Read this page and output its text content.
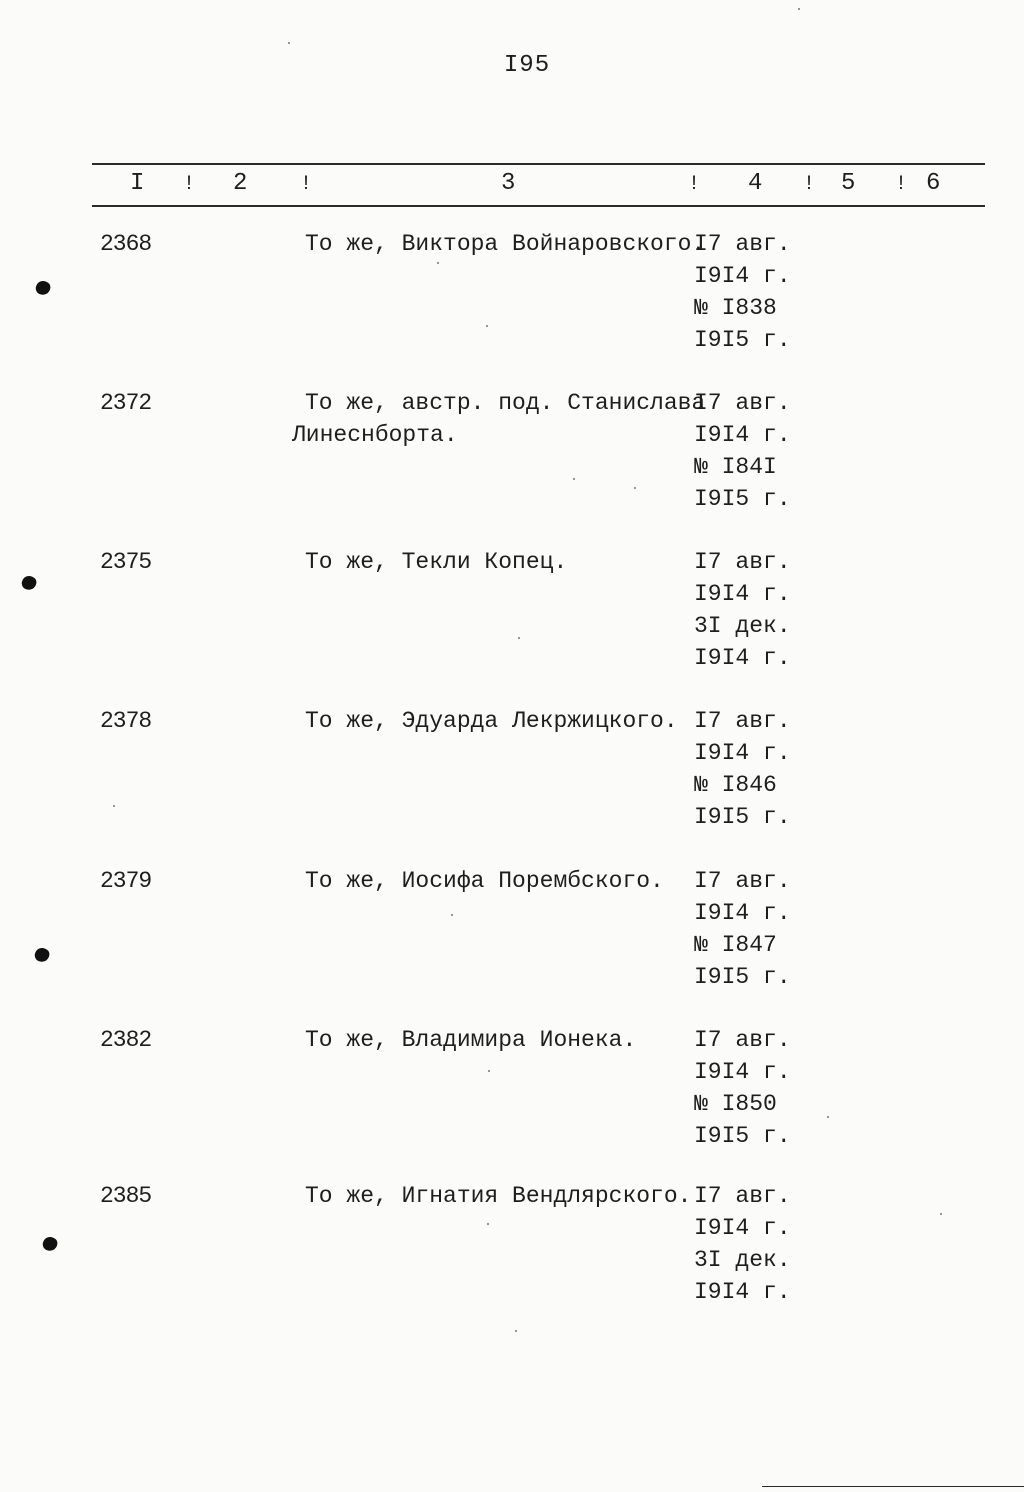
I95
I ! 2	!	3	! 4 ! 5 ! 6
2368	То же, Виктора Войнаровского.
I7 авг.
I9I4 г.
№ I838
I9I5 г.
2372	То же, австр. под. Станислава
Линеснборта.
I7 авг.
I9I4 г.
№ I84I
I9I5 г.
2375	То же, Текли Копец.	I7 авг.
I9I4 г.
3I дек.
I9I4 г.
2378	То же, Эдуарда Лекржицкого. I7 авг.
I9I4 г.
№ I846
I9I5 г.
2379	То же, Иосифа Порембского. I7 авг.
I9I4 г.
№ I847
I9I5 г.
2382	То же, Владимира Ионека.	I7 авг.
I9I4 г.
№ I850
I9I5 г.
2385	То же, Игнатия Вендлярского. I7 авг.
I9I4 г.
3I дек.
I9I4 г.
